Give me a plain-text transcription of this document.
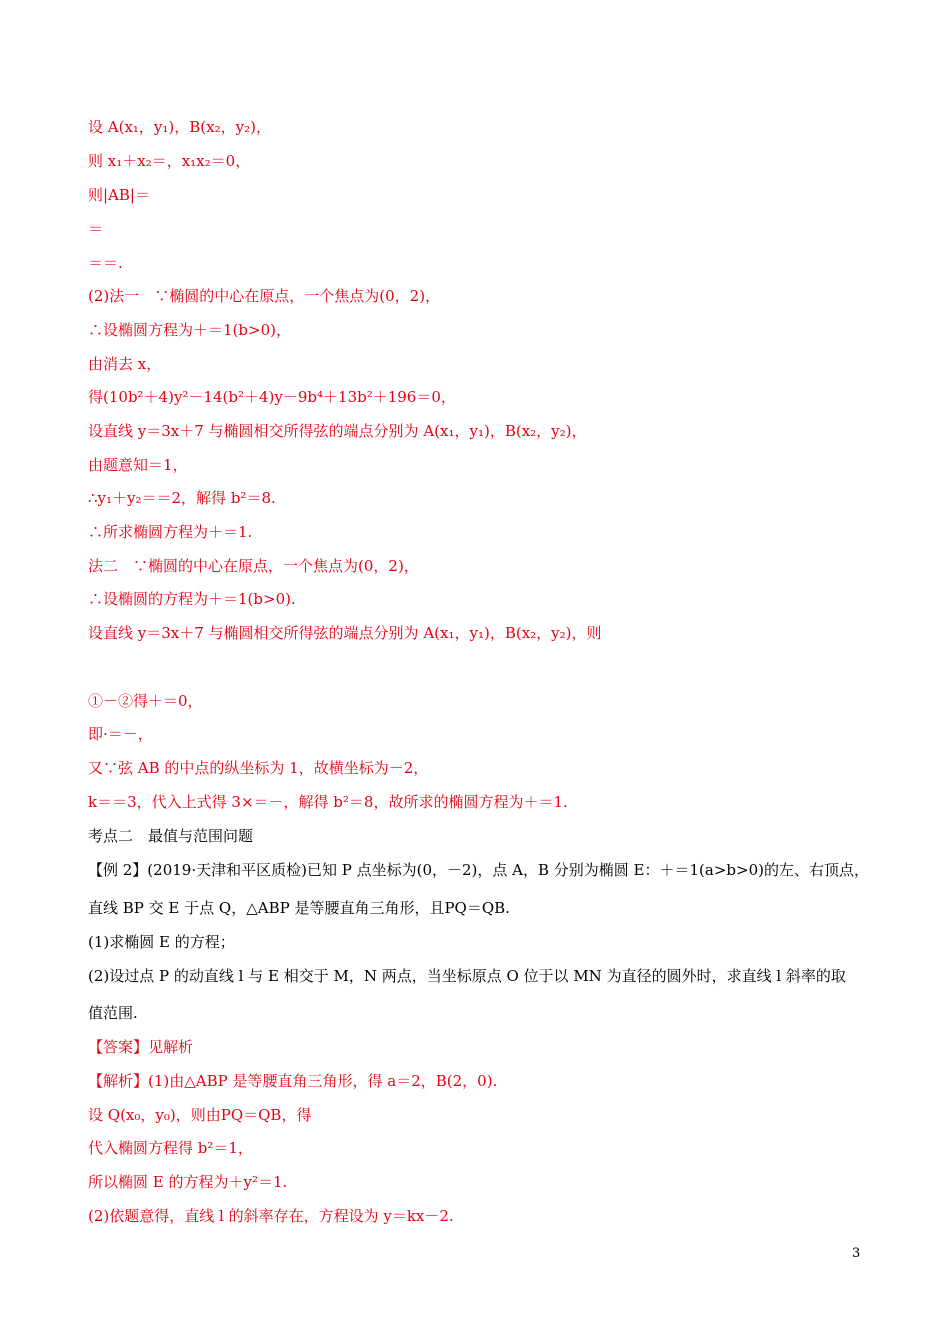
设 A(x₁，y₁)，B(x₂，y₂)，
则 x₁＋x₂＝，x₁x₂＝0，
则|AB|＝
＝
＝＝.
(2)法一　∵椭圆的中心在原点，一个焦点为(0，2)，
∴设椭圆方程为＋＝1(b>0)，
由消去 x，
得(10b²＋4)y²－14(b²＋4)y－9b⁴＋13b²＋196＝0，
设直线 y＝3x＋7 与椭圆相交所得弦的端点分别为 A(x₁，y₁)，B(x₂，y₂)，
由题意知＝1，
∴y₁＋y₂＝＝2，解得 b²＝8.
∴所求椭圆方程为＋＝1.
法二　∵椭圆的中心在原点，一个焦点为(0，2)，
∴设椭圆的方程为＋＝1(b>0).
设直线 y＝3x＋7 与椭圆相交所得弦的端点分别为 A(x₁，y₁)，B(x₂，y₂)，则
①－②得＋＝0，
即·＝－，
又∵弦 AB 的中点的纵坐标为 1，故横坐标为－2，
k＝＝3，代入上式得 3×＝－，解得 b²＝8，故所求的椭圆方程为＋＝1.
考点二　最值与范围问题
【例 2】(2019·天津和平区质检)已知 P 点坐标为(0，－2)，点 A，B 分别为椭圆 E：＋＝1(a>b>0)的左、右顶点，
直线 BP 交 E 于点 Q，△ABP 是等腰直角三角形，且PQ＝QB.
(1)求椭圆 E 的方程；
(2)设过点 P 的动直线 l 与 E 相交于 M，N 两点，当坐标原点 O 位于以 MN 为直径的圆外时，求直线 l 斜率的取
值范围.
【答案】见解析
【解析】(1)由△ABP 是等腰直角三角形，得 a＝2，B(2，0).
设 Q(x₀，y₀)，则由PQ＝QB，得
代入椭圆方程得 b²＝1，
所以椭圆 E 的方程为＋y²＝1.
(2)依题意得，直线 l 的斜率存在，方程设为 y＝kx－2.
3
